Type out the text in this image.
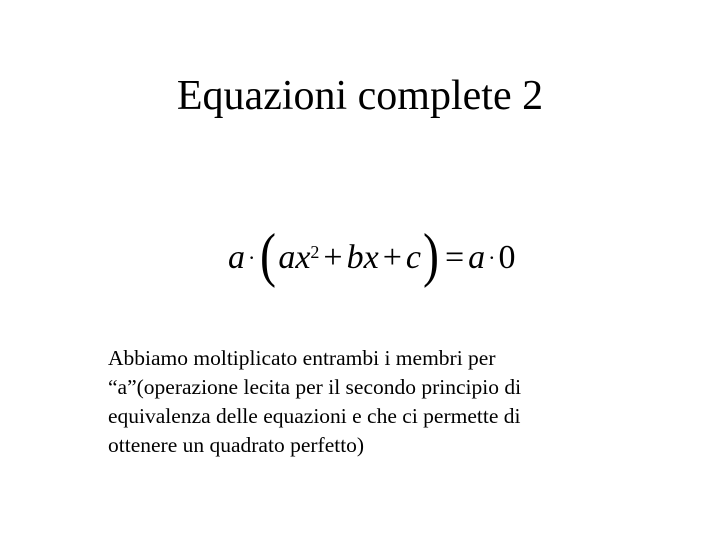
Equazioni complete 2
a · ( $ax^2$ + bx + c ) = a · 0

Abbiamo moltiplicato entrambi i membri per
“a”(operazione lecita per il secondo principio di
equivalenza delle equazioni e che ci permette di
ottenere un quadrato perfetto)
